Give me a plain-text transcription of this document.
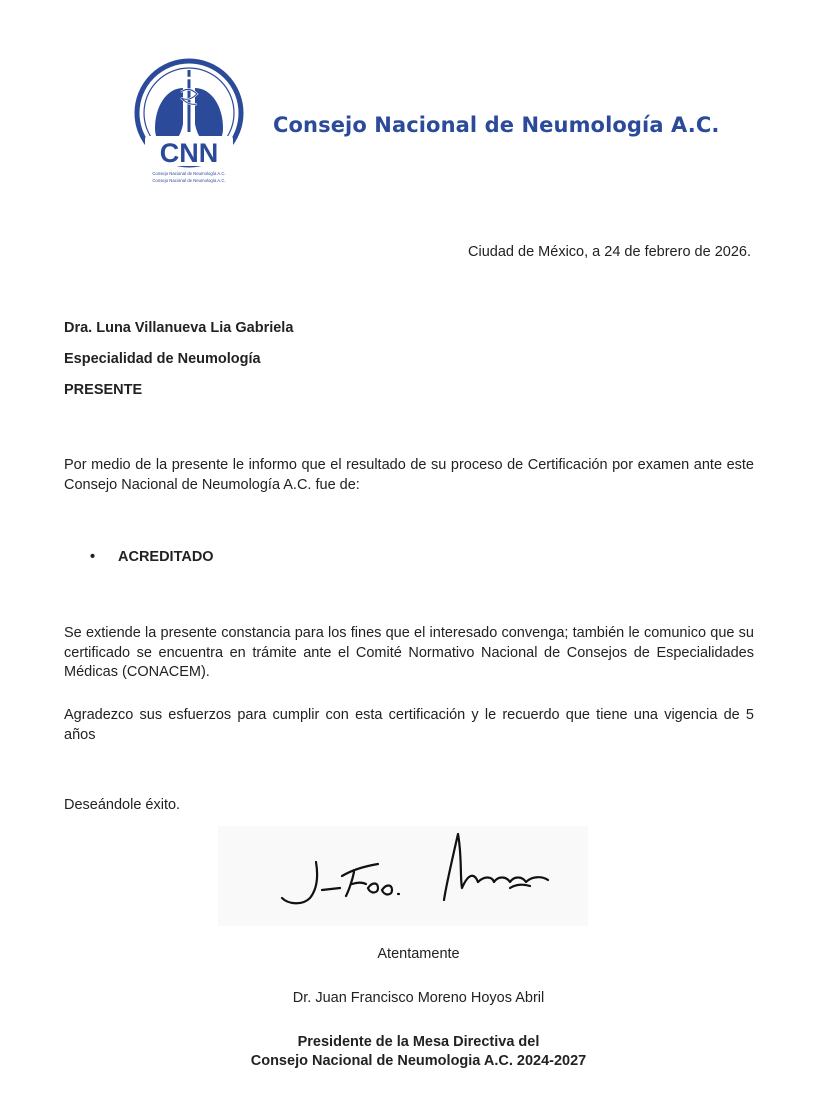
CNN
Consejo Nacional de Neumología A.C.
Consejo Nacional de Neumología A.C.
Consejo Nacional de Neumología A.C.
Ciudad de México, a 24 de febrero de 2026.
Dra. Luna Villanueva Lia Gabriela
Especialidad de Neumología
PRESENTE
Por medio de la presente le informo que el resultado de su proceso de Certificación por examen ante este Consejo Nacional de Neumología A.C. fue de:
• ACREDITADO
Se extiende la presente constancia para los fines que el interesado convenga; también le comunico que su certificado se encuentra en trámite ante el Comité Normativo Nacional de Consejos de Especialidades Médicas (CONACEM).
Agradezco sus esfuerzos para cumplir con esta certificación y le recuerdo que tiene una vigencia de 5 años
Deseándole éxito.
Atentamente
Dr. Juan Francisco Moreno Hoyos Abril
Presidente de la Mesa Directiva del
Consejo Nacional de Neumologia A.C. 2024-2027
